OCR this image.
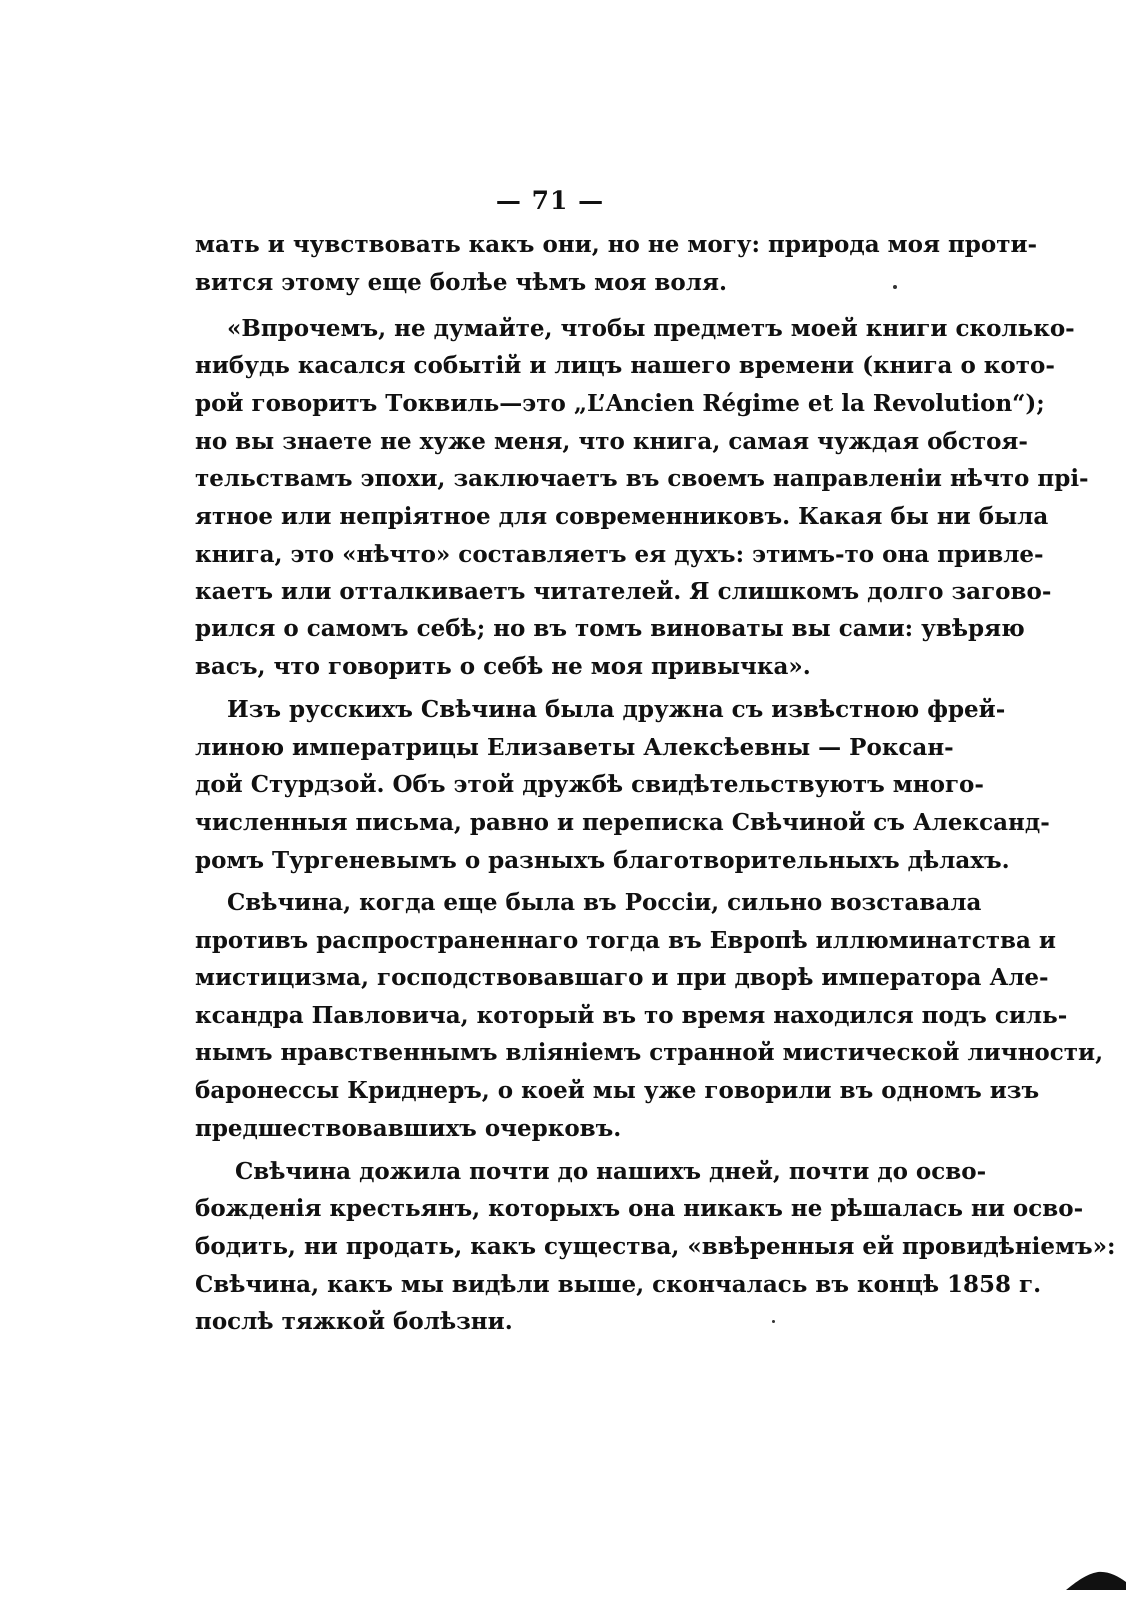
— 71 —
мать и чувствовать какъ они, но не могу: природа моя проти-
вится этому еще болѣе чѣмъ моя воля.
«Впрочемъ, не думайте, чтобы предметъ моей книги сколько-
нибудь касался событій и лицъ нашего времени (книга о кото-
рой говоритъ Токвиль—это „L’Ancien Régime et la Revolution“);
но вы знаете не хуже меня, что книга, самая чуждая обстоя-
тельствамъ эпохи, заключаетъ въ своемъ направленіи нѣчто прі-
ятное или непріятное для современниковъ. Какая бы ни была
книга, это «нѣчто» составляетъ ея духъ: этимъ-то она привле-
каетъ или отталкиваетъ читателей. Я слишкомъ долго загово-
рился о самомъ себѣ; но въ томъ виноваты вы сами: увѣряю
васъ, что говорить о себѣ не моя привычка».
Изъ русскихъ Свѣчина была дружна съ извѣстною фрей-
линою императрицы Елизаветы Алексѣевны — Роксан-
дой Стурдзой. Объ этой дружбѣ свидѣтельствуютъ много-
численныя письма, равно и переписка Свѣчиной съ Александ-
ромъ Тургеневымъ о разныхъ благотворительныхъ дѣлахъ.
Свѣчина, когда еще была въ Россіи, сильно возставала
противъ распространеннаго тогда въ Европѣ иллюминатства и
мистицизма, господствовавшаго и при дворѣ императора Але-
ксандра Павловича, который въ то время находился подъ силь-
нымъ нравственнымъ вліяніемъ странной мистической личности,
баронессы Криднеръ, о коей мы уже говорили въ одномъ изъ
предшествовавшихъ очерковъ.
Свѣчина дожила почти до нашихъ дней, почти до осво-
божденія крестьянъ, которыхъ она никакъ не рѣшалась ни осво-
бодить, ни продать, какъ существа, «ввѣренныя ей провидѣніемъ»:
Свѣчина, какъ мы видѣли выше, скончалась въ концѣ 1858 г.
послѣ тяжкой болѣзни.
